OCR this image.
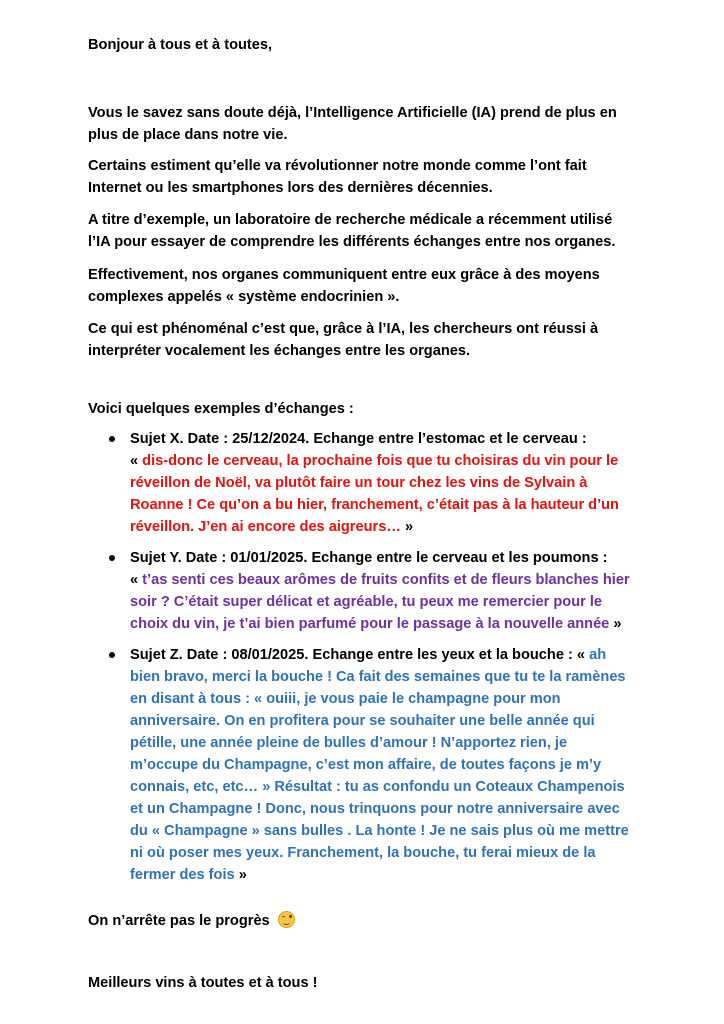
Bonjour à tous et à toutes,

Vous le savez sans doute déjà, l’Intelligence Artificielle (IA) prend de plus en

plus de place dans notre vie.

Certains estiment qu’elle va révolutionner notre monde comme l’ont fait

Internet ou les smartphones lors des dernières décennies.

A titre d’exemple, un laboratoire de recherche médicale a récemment utilisé

l’IA pour essayer de comprendre les différents échanges entre nos organes.

Effectivement, nos organes communiquent entre eux grâce à des moyens

complexes appelés « système endocrinien ».

Ce qui est phénoménal c’est que, grâce à l’IA, les chercheurs ont réussi à

interpréter vocalement les échanges entre les organes.

Voici quelques exemples d’échanges :

Sujet X. Date : 25/12/2024. Echange entre l’estomac et le cerveau :

« dis-donc le cerveau, la prochaine fois que tu choisiras du vin pour le

réveillon de Noël, va plutôt faire un tour chez les vins de Sylvain à

Roanne ! Ce qu’on a bu hier, franchement, c’était pas à la hauteur d’un

réveillon. J’en ai encore des aigreurs… »

Sujet Y. Date : 01/01/2025. Echange entre le cerveau et les poumons :

« t’as senti ces beaux arômes de fruits confits et de fleurs blanches hier

soir ? C’était super délicat et agréable, tu peux me remercier pour le

choix du vin, je t’ai bien parfumé pour le passage à la nouvelle année »

Sujet Z. Date : 08/01/2025. Echange entre les yeux et la bouche : « ah

bien bravo, merci la bouche ! Ca fait des semaines que tu te la ramènes

en disant à tous : « ouiii, je vous paie le champagne pour mon

anniversaire. On en profitera pour se souhaiter une belle année qui

pétille, une année pleine de bulles d’amour ! N’apportez rien, je

m’occupe du Champagne, c’est mon affaire, de toutes façons je m’y

connais, etc, etc… » Résultat : tu as confondu un Coteaux Champenois

et un Champagne ! Donc, nous trinquons pour notre anniversaire avec

du « Champagne » sans bulles . La honte ! Je ne sais plus où me mettre

ni où poser mes yeux. Franchement, la bouche, tu ferai mieux de la

fermer des fois »

On n’arrête pas le progrès

Meilleurs vins à toutes et à tous !
